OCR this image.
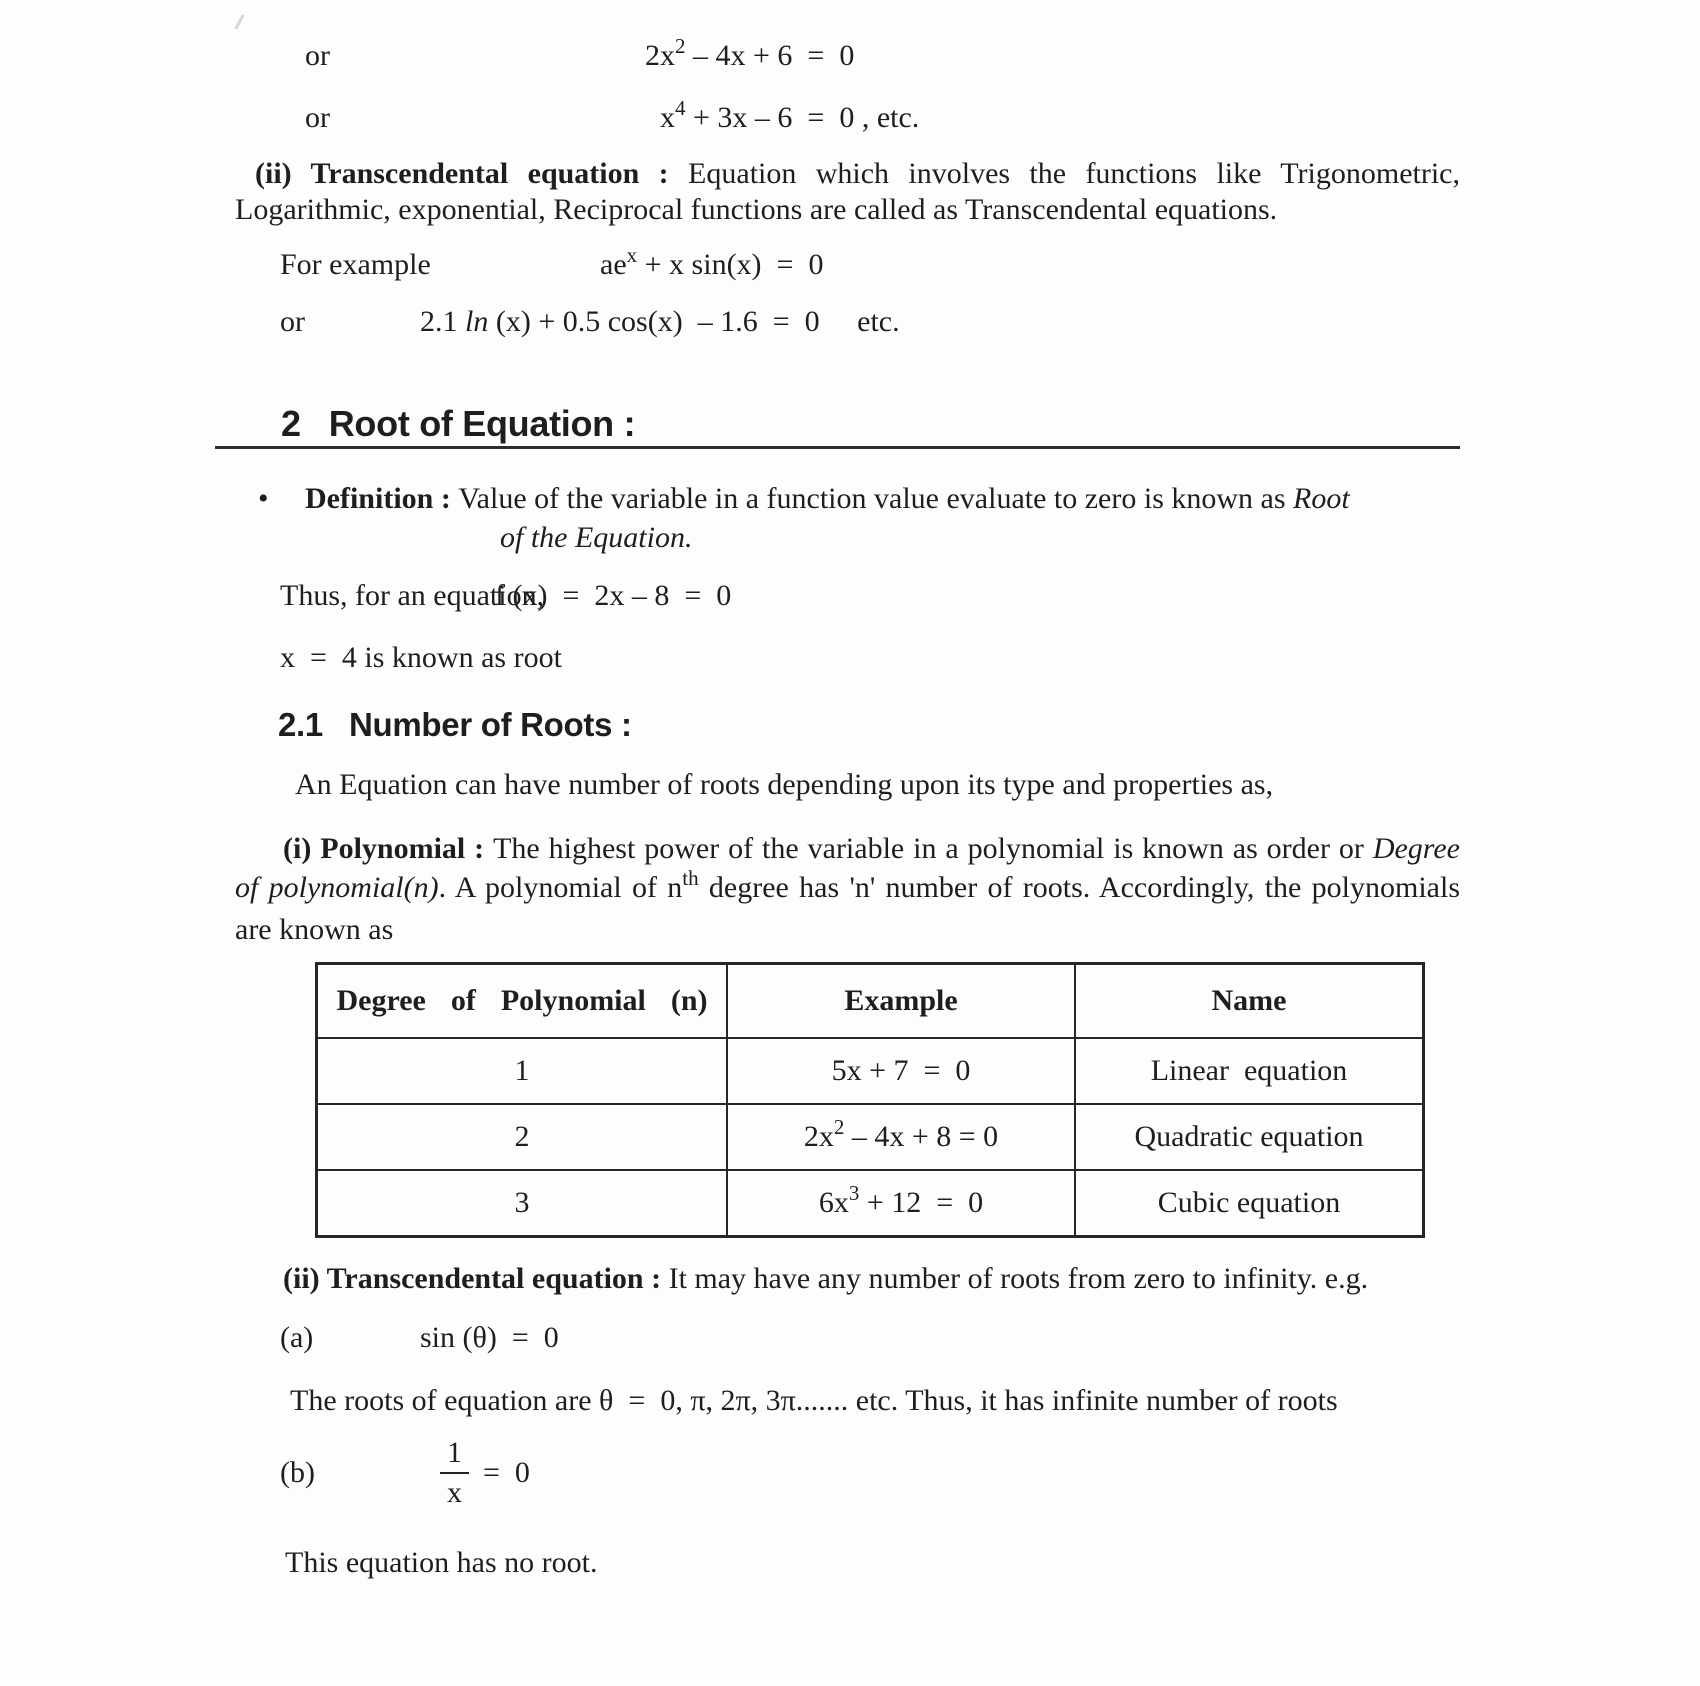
or	$2x^2 - 4x + 6 = 0$
or	$x^4 + 3x - 6 = 0$ , etc.

(ii) Transcendental equation : Equation which involves the functions like Trigonometric, Logarithmic, exponential, Reciprocal functions are called as Transcendental equations.

For example	$ae^x + x$ sin(x)  =  0
or	2.1 ln (x) + 0.5 cos(x)  – 1.6  =  0     etc.
2 Root of Equation :
•	Definition : Value of the variable in a function value evaluate to zero is known as Root
of the Equation.
Thus, for an equation,
f (x)  =  2x – 8  =  0
x  =  4 is known as root
2.1 Number of Roots :
An Equation can have number of roots depending upon its type and properties as,

(i) Polynomial : The highest power of the variable in a polynomial is known as order or Degree of polynomial(n). A polynomial of $n^{th}$ degree has 'n' number of roots. Accordingly, the polynomials are known as

Degree  of  Polynomial  (n)	Example	Name
1	5x + 7  =  0	Linear  equation
2	$2x^2 - 4x + 8 = 0$	Quadratic equation
3	$6x^3 + 12 = 0$	Cubic equation

(ii) Transcendental equation : It may have any number of roots from zero to infinity. e.g.

(a)	sin (θ)  =  0
The roots of equation are θ  =  0, π, 2π, 3π....... etc. Thus, it has infinite number of roots
(b)	$\frac{1}{x} = 0$
This equation has no root.
